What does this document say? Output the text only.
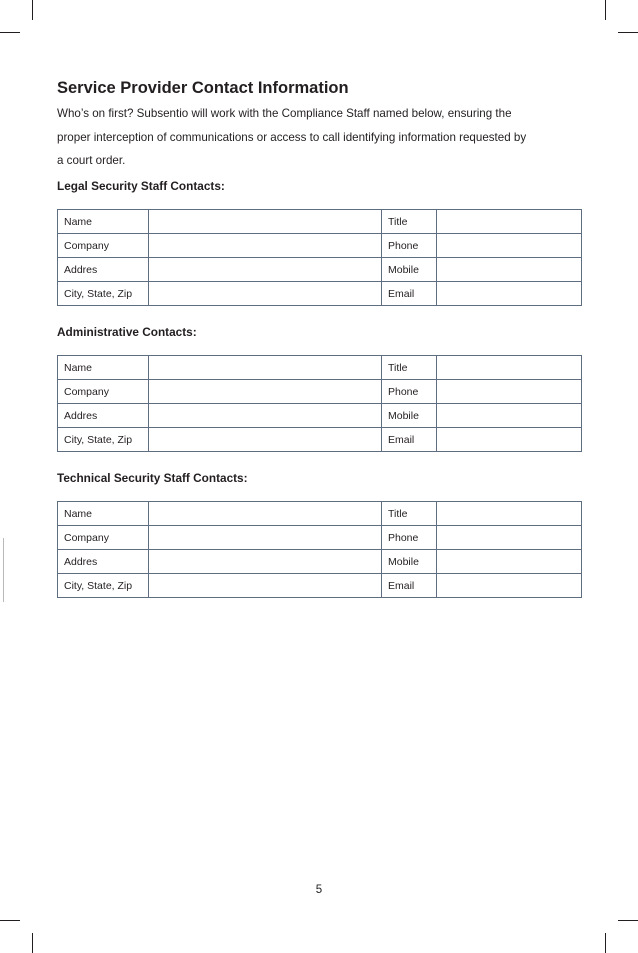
Service Provider Contact Information
Who’s on first? Subsentio will work with the Compliance Staff named below, ensuring the
proper interception of communications or access to call identifying information requested by
a court order.
Legal Security Staff Contacts:
Name		Title	
Company		Phone	
Addres		Mobile	
City, State, Zip		Email	
Administrative Contacts:
Name		Title	
Company		Phone	
Addres		Mobile	
City, State, Zip		Email	
Technical Security Staff Contacts:
Name		Title	
Company		Phone	
Addres		Mobile	
City, State, Zip		Email	
5
